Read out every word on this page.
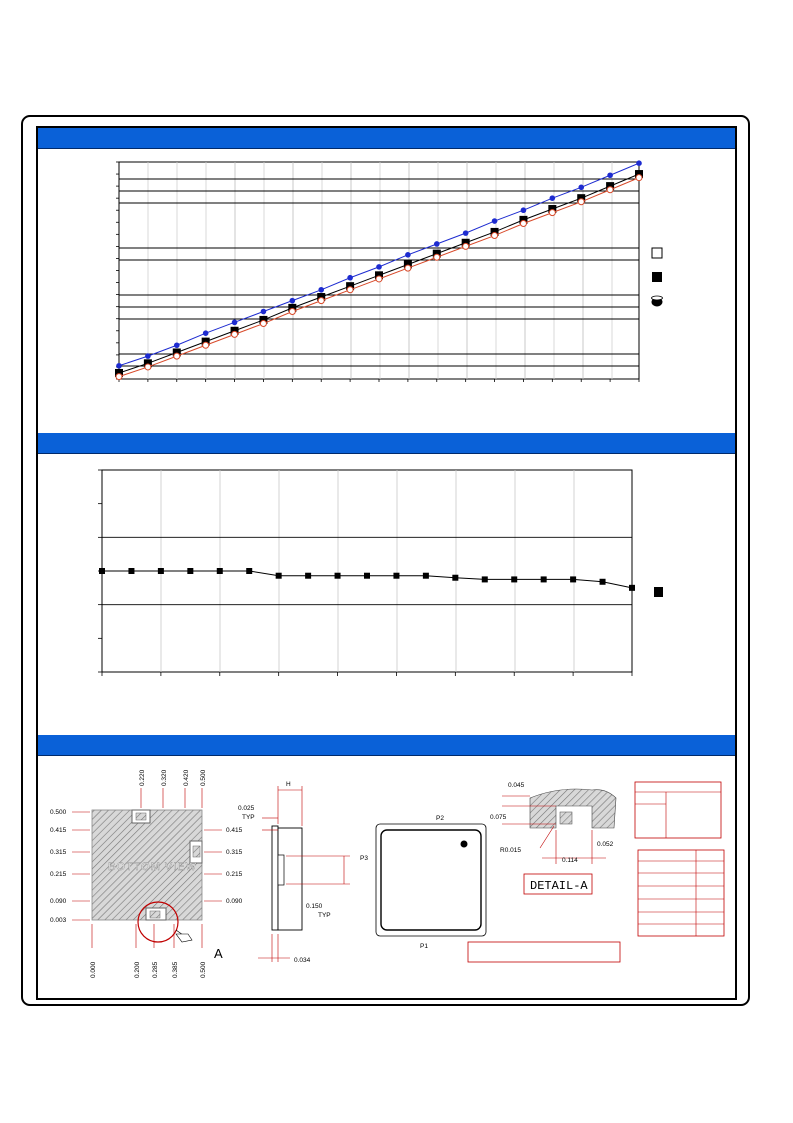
BOTTOM VIEW
A
0.500
0.415
0.315
0.215
0.090
0.003
0.415
0.315
0.215
0.090
0.220 0.320 0.420 0.500
0.000	0.200 0.285 0.385	0.500
H
0.025
TYP
0.150
TYP
0.034
P2
P3
P1
0.045
0.075
R0.015
0.114
0.052
DETAIL-A
